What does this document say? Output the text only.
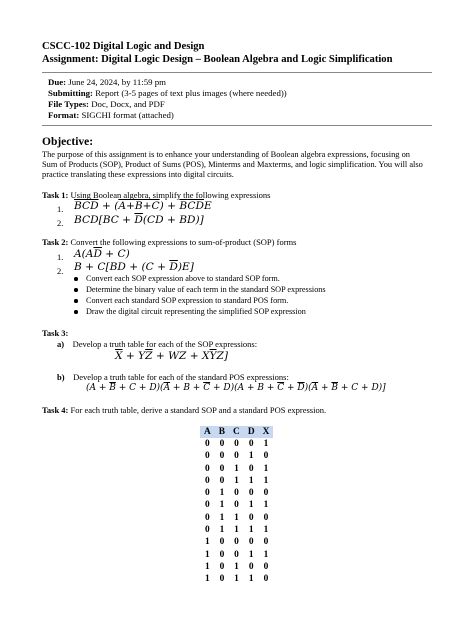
CSCC-102 Digital Logic and Design
Assignment: Digital Logic Design – Boolean Algebra and Logic Simplification
Due: June 24, 2024, by 11:59 pm
Submitting: Report (3-5 pages of text plus images (where needed))
File Types: Doc, Docx, and PDF
Format: SIGCHI format (attached)
Objective:
The purpose of this assignment is to enhance your understanding of Boolean algebra expressions, focusing on Sum of Products (SOP), Product of Sums (POS), Minterms and Maxterms, and logic simplification. You will also practice translating these expressions into digital circuits.
Task 1: Using Boolean algebra, simplify the following expressions
1. $\overline{B}\overline{C}\overline{D} + (A+B+C) + \overline{B}\overline{C}\overline{D}E$
2. $BCD[BC + \overline{D}(CD + BD)]$
Task 2: Convert the following expressions to sum-of-product (SOP) forms
1. $A(A\overline{D} + C)$
2. $B + C[BD + (C + \overline{D})E]$
Convert each SOP expression above to standard SOP form.
Determine the binary value of each term in the standard SOP expressions
Convert each standard SOP expression to standard POS form.
Draw the digital circuit representing the simplified SOP expression
Task 3:
a) Develop a truth table for each of the SOP expressions:
$\overline{X} + Y\overline{Z}$ + WZ + $X\overline{Y}Z$]
b) Develop a truth table for each of the standard POS expressions:
$(A + \overline{B} + C + D)(\overline{A} + B + \overline{C} + D)(A + B + \overline{C} + \overline{D})(\overline{A} + \overline{B} + C + D)$]
Task 4: For each truth table, derive a standard SOP and a standard POS expression.
A	B	C	D	X
0	0	0	0	1
0	0	0	1	0
0	0	1	0	1
0	0	1	1	1
0	1	0	0	0
0	1	0	1	1
0	1	1	0	0
0	1	1	1	1
1	0	0	0	0
1	0	0	1	1
1	0	1	0	0
1	0	1	1	0
